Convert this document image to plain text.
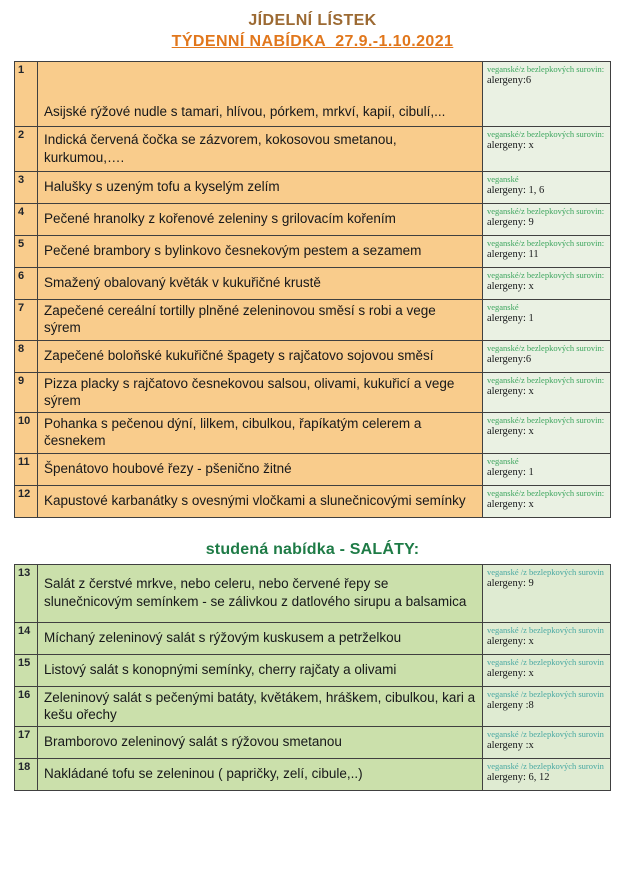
JÍDELNÍ LÍSTEK
TÝDENNÍ NABÍDKA  27.9.-1.10.2021
1
Asijské rýžové nudle s tamari, hlívou, pórkem, mrkví, kapií, cibulí,...
veganské/z bezlepkových surovin:
alergeny:6
2	Indická červená čočka se zázvorem, kokosovou smetanou, kurkumou,….
veganské/z bezlepkových surovin:
alergeny: x
3	Halušky s uzeným tofu a kyselým zelím
veganské
alergeny: 1, 6
4	Pečené hranolky z kořenové zeleniny s grilovacím kořením
veganské/z bezlepkových surovin:
alergeny: 9
5	Pečené brambory s bylinkovo česnekovým pestem a sezamem
veganské/z bezlepkových surovin:
alergeny: 11
6	Smažený obalovaný květák v kukuřičné krustě
veganské/z bezlepkových surovin:
alergeny: x
7	Zapečené cereální tortilly plněné zeleninovou směsí s robi a vege sýrem
veganské
alergeny: 1
8	Zapečené boloňské kukuřičné špagety s rajčatovo sojovou směsí
veganské/z bezlepkových surovin:
alergeny:6
9	Pizza placky s rajčatovo česnekovou salsou, olivami, kukuřicí a vege sýrem
veganské/z bezlepkových surovin:
alergeny: x
10	Pohanka s pečenou dýní, lilkem, cibulkou, řapíkatým celerem a česnekem
veganské/z bezlepkových surovin:
alergeny: x
11	Špenátovo houbové řezy - pšenično žitné
veganské
alergeny: 1
12	Kapustové karbanátky s ovesnými vločkami a slunečnicovými semínky
veganské/z bezlepkových surovin:
alergeny: x
studená nabídka - SALÁTY:
13
Salát z čerstvé mrkve, nebo celeru, nebo červené řepy se slunečnicovým semínkem - se zálivkou z datlového sirupu a balsamica
veganské /z bezlepkových surovin
alergeny: 9
14	Míchaný zeleninový salát s rýžovým kuskusem a petrželkou
veganské /z bezlepkových surovin
alergeny: x
15	Listový salát s konopnými semínky, cherry rajčaty a olivami
veganské /z bezlepkových surovin
alergeny: x
16	Zeleninový salát s pečenými batáty, květákem, hráškem, cibulkou, kari a kešu ořechy
veganské /z bezlepkových surovin
alergeny :8
17	Bramborovo zeleninový salát s rýžovou smetanou
veganské /z bezlepkových surovin
alergeny :x
18	Nakládané tofu se zeleninou ( papričky, zelí, cibule,..)
veganské /z bezlepkových surovin
alergeny: 6, 12
